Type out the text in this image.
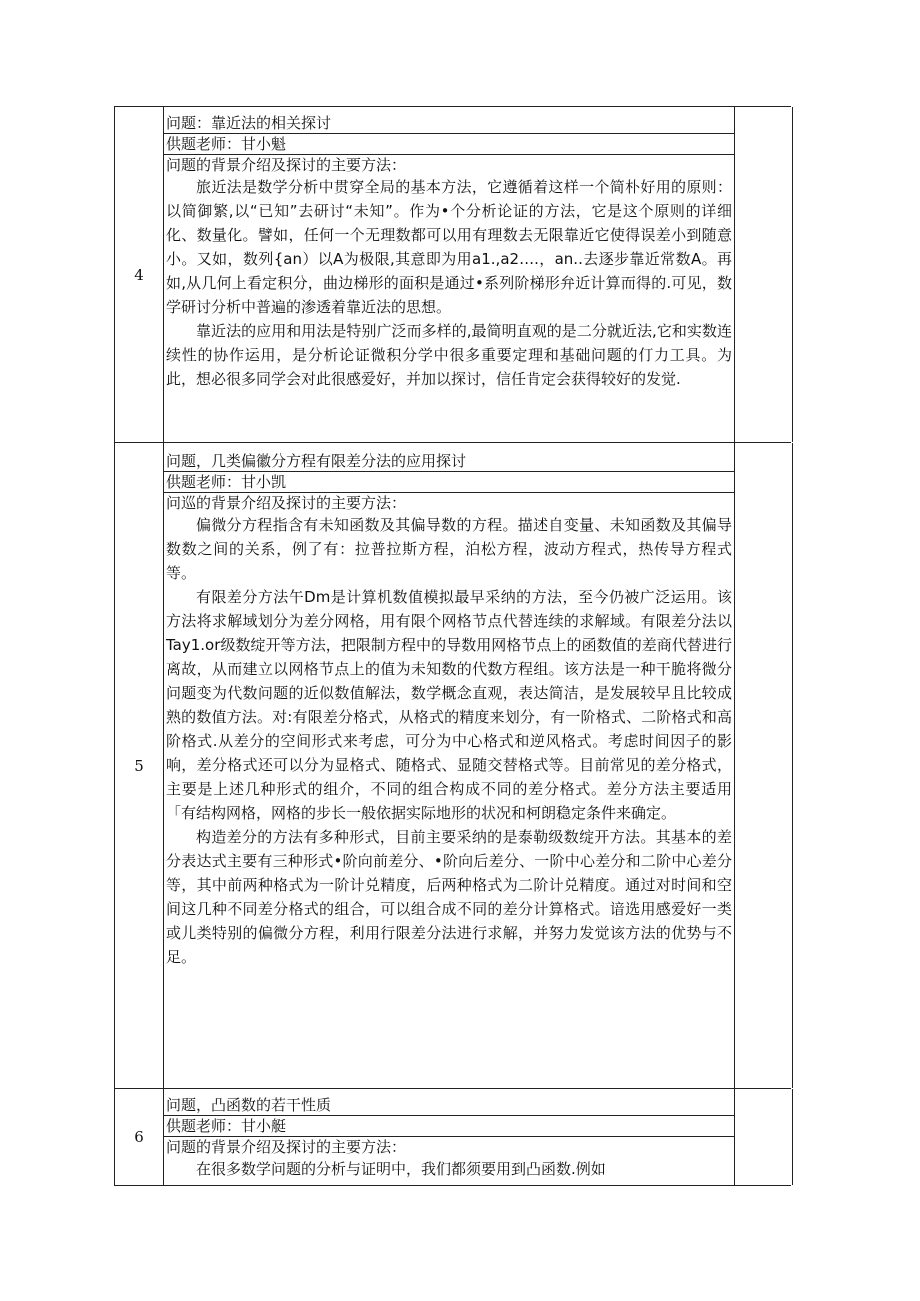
4
问题：靠近法的相关探讨
供题老师：甘小魁
问题的背景介绍及探讨的主要方法：

旅近法是数学分析中贯穿全局的基本方法，它遵循着这样一个简朴好用的原则：以简御繁,以“已知”去研讨“未知”。作为•个分析论证的方法，它是这个原则的详细化、数量化。譬如，任何一个无理数都可以用有理数去无限靠近它使得误差小到随意小。又如，数列{an）以A为极限,其意即为用a1.,a2….，an..去逐步靠近常数A。再如,从几何上看定积分，曲边梯形的面积是通过•系列阶梯形弁近计算而得的.可见，数学研讨分析中普遍的渗透着靠近法的思想。

靠近法的应用和用法是特别广泛而多样的,最简明直观的是二分就近法,它和实数连续性的协作运用，是分析论证微积分学中很多重要定理和基础问题的仃力工具。为此，想必很多同学会对此很感爱好，并加以探讨，信任肯定会获得较好的发觉.

5
问题，几类偏徽分方程有限差分法的应用探讨
供题老师：甘小凯
问巡的背景介绍及探讨的主要方法：

偏微分方程指含有未知函数及其偏导数的方程。描述自变量、未知函数及其偏导数数之间的关系，例了有：拉普拉斯方程，泊松方程，波动方程式，热传导方程式等。

有限差分方法午Dm是计算机数值模拟最早采纳的方法，至今仍被广泛运用。该方法将求解域划分为差分网格，用有限个网格节点代替连续的求解域。有限差分法以Tay1.or级数绽开等方法，把限制方程中的导数用网格节点上的函数值的差商代替进行离故，从而建立以网格节点上的值为未知数的代数方程组。该方法是一种干脆将微分问题变为代数问题的近似数值解法，数学概念直观，表达简洁，是发展较早且比较成熟的数值方法。对:有限差分格式，从格式的精度来划分，有一阶格式、二阶格式和高阶格式.从差分的空间形式来考虑，可分为中心格式和逆风格式。考虑时间因子的影响，差分格式还可以分为显格式、随格式、显随交替格式等。目前常见的差分格式，主要是上述几种形式的组介，不同的组合构成不同的差分格式。差分方法主要适用「有结构网格，网格的步长一般依据实际地形的状况和柯朗稳定条件来确定。

构造差分的方法有多种形式，目前主要采纳的是泰勒级数绽开方法。其基本的差分表达式主要有三种形式•阶向前差分、•阶向后差分、一阶中心差分和二阶中心差分等，其中前两种格式为一阶计兑精度，后两种格式为二阶计兑精度。通过对时间和空间这几种不同差分格式的组合，可以组合成不同的差分计算格式。谙选用感爱好一类或儿类特别的偏微分方程，利用行限差分法进行求解，并努力发觉该方法的优势与不足。

6
问题，凸函数的若干性质
供题老师：甘小艇
问题的背景介绍及探讨的主要方法：

在很多数学问题的分析与证明中，我们都须要用到凸函数.例如
